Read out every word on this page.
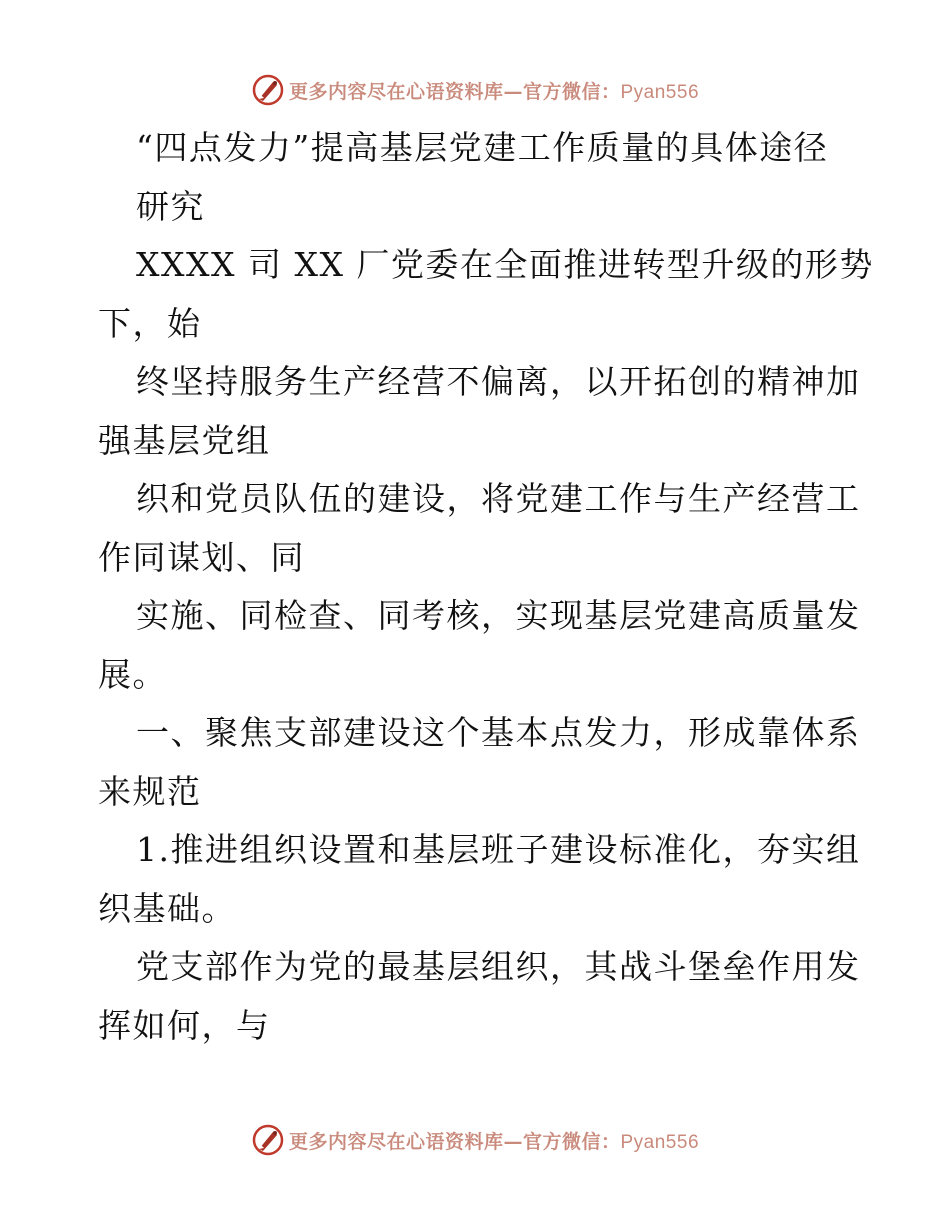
更多内容尽在心语资料库—官方微信：Pyan556
“四点发力”提高基层党建工作质量的具体途径
研究
XXXX 司 XX 厂党委在全面推进转型升级的形势
下，始
终坚持服务生产经营不偏离，以开拓创的精神加
强基层党组
织和党员队伍的建设，将党建工作与生产经营工
作同谋划、同
实施、同检查、同考核，实现基层党建高质量发
展。
一、聚焦支部建设这个基本点发力，形成靠体系
来规范
1.推进组织设置和基层班子建设标准化，夯实组
织基础。
党支部作为党的最基层组织，其战斗堡垒作用发
挥如何，与
更多内容尽在心语资料库—官方微信：Pyan556
